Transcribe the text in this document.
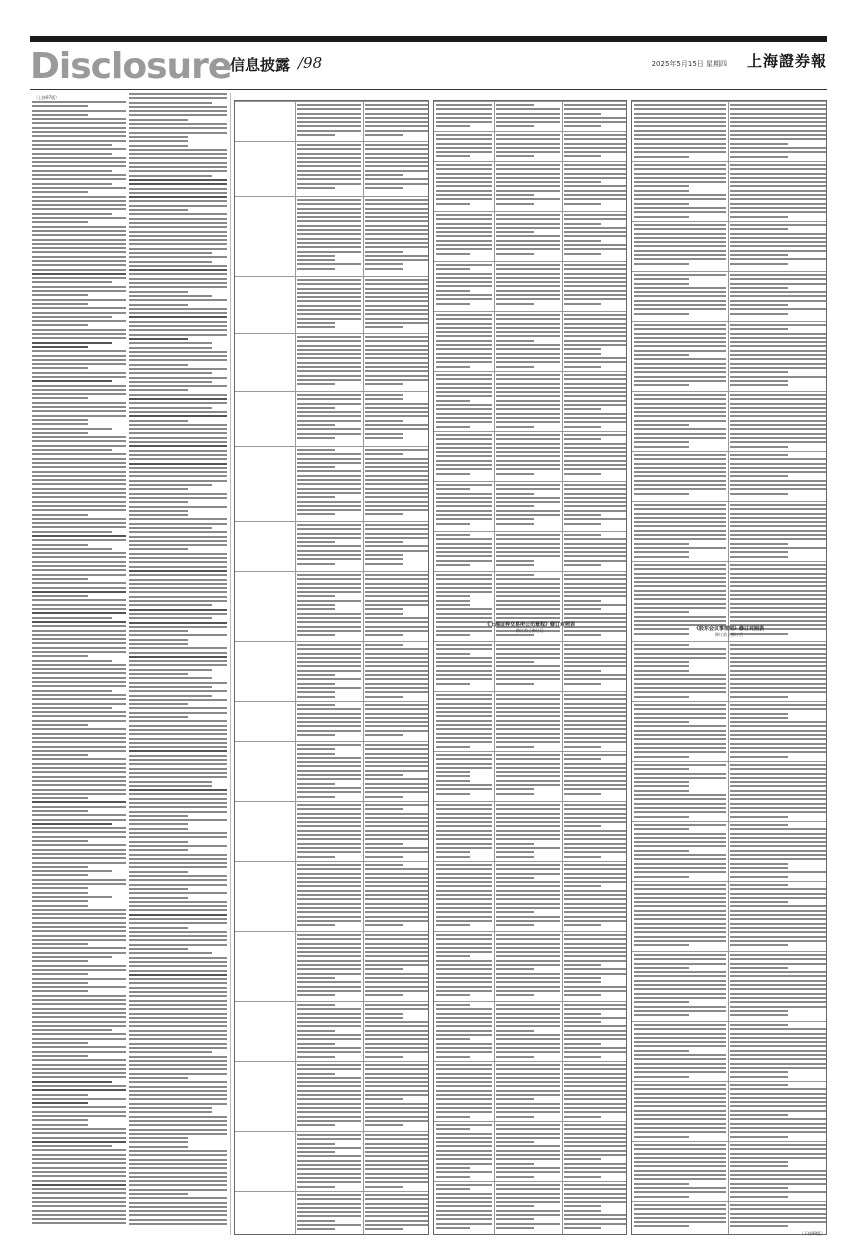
Disclosure
信息披露 /98	2025年5月15日 星期四 上海證券報
（上接97版）
《上海证券交易所公司章程》修订对照表
修订前 | 修订后	《股东会议事规则》修订对照表
修订前 | 修订后
（下转99版）
